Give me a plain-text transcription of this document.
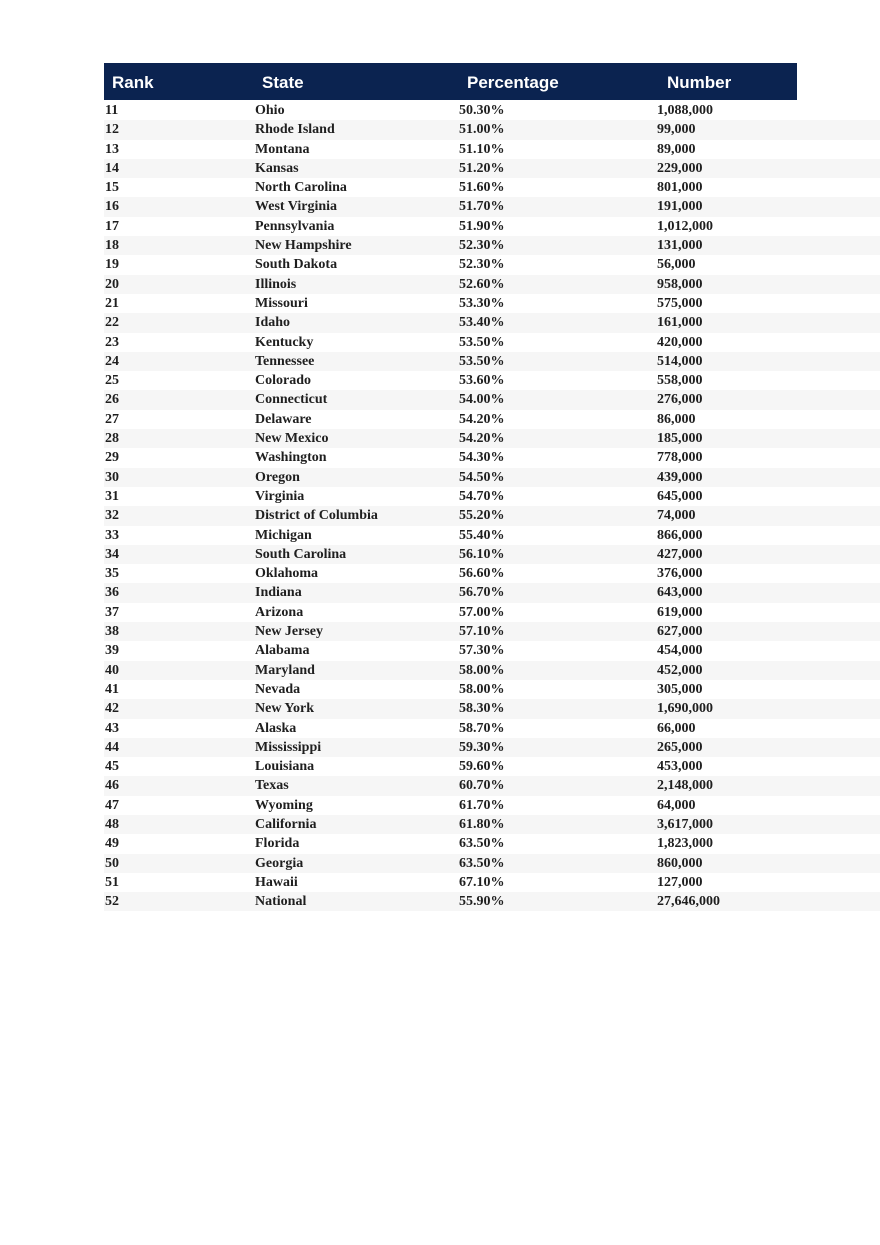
Rank	State	Percentage	Number
11	Ohio	50.30%	1,088,000
12	Rhode Island	51.00%	99,000
13	Montana	51.10%	89,000
14	Kansas	51.20%	229,000
15	North Carolina	51.60%	801,000
16	West Virginia	51.70%	191,000
17	Pennsylvania	51.90%	1,012,000
18	New Hampshire	52.30%	131,000
19	South Dakota	52.30%	56,000
20	Illinois	52.60%	958,000
21	Missouri	53.30%	575,000
22	Idaho	53.40%	161,000
23	Kentucky	53.50%	420,000
24	Tennessee	53.50%	514,000
25	Colorado	53.60%	558,000
26	Connecticut	54.00%	276,000
27	Delaware	54.20%	86,000
28	New Mexico	54.20%	185,000
29	Washington	54.30%	778,000
30	Oregon	54.50%	439,000
31	Virginia	54.70%	645,000
32	District of Columbia	55.20%	74,000
33	Michigan	55.40%	866,000
34	South Carolina	56.10%	427,000
35	Oklahoma	56.60%	376,000
36	Indiana	56.70%	643,000
37	Arizona	57.00%	619,000
38	New Jersey	57.10%	627,000
39	Alabama	57.30%	454,000
40	Maryland	58.00%	452,000
41	Nevada	58.00%	305,000
42	New York	58.30%	1,690,000
43	Alaska	58.70%	66,000
44	Mississippi	59.30%	265,000
45	Louisiana	59.60%	453,000
46	Texas	60.70%	2,148,000
47	Wyoming	61.70%	64,000
48	California	61.80%	3,617,000
49	Florida	63.50%	1,823,000
50	Georgia	63.50%	860,000
51	Hawaii	67.10%	127,000
52	National	55.90%	27,646,000
